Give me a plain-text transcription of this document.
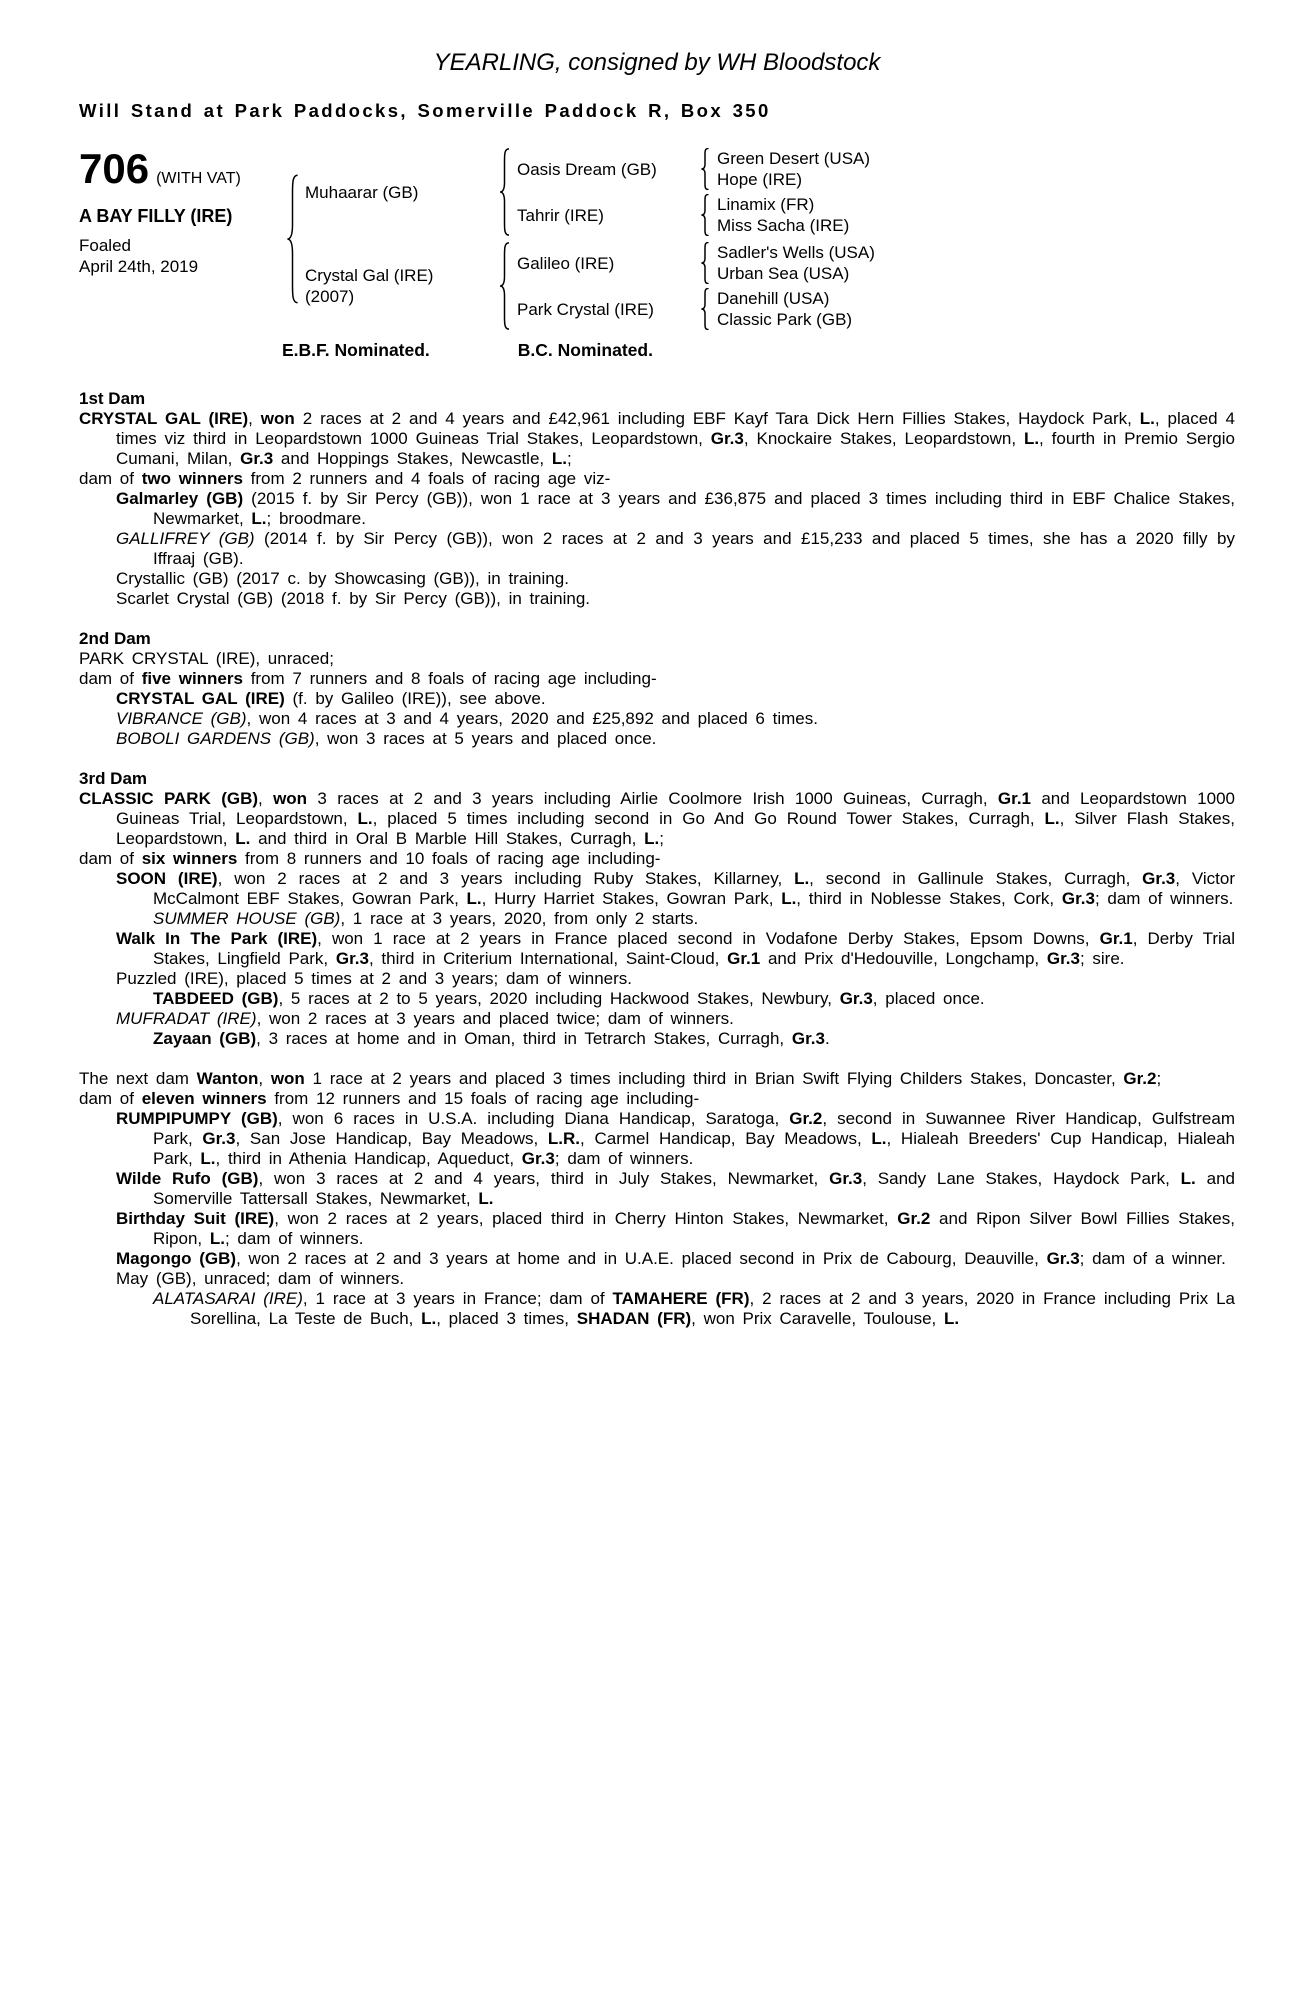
YEARLING, consigned by WH Bloodstock
Will Stand at Park Paddocks, Somerville Paddock R, Box 350
706 (WITH VAT)
A BAY FILLY (IRE)
Foaled
April 24th, 2019
Muhaarar (GB)
Oasis Dream (GB)
Green Desert (USA)
Hope (IRE)
Tahrir (IRE)
Linamix (FR)
Miss Sacha (IRE)
Crystal Gal (IRE)
(2007)
Galileo (IRE)
Sadler's Wells (USA)
Urban Sea (USA)
Park Crystal (IRE)
Danehill (USA)
Classic Park (GB)
E.B.F. Nominated.	B.C. Nominated.
1st Dam

CRYSTAL GAL (IRE), won 2 races at 2 and 4 years and £42,961 including EBF Kayf Tara Dick Hern Fillies Stakes, Haydock Park, L., placed 4 times viz third in Leopardstown 1000 Guineas Trial Stakes, Leopardstown, Gr.3, Knockaire Stakes, Leopardstown, L., fourth in Premio Sergio Cumani, Milan, Gr.3 and Hoppings Stakes, Newcastle, L.;

dam of two winners from 2 runners and 4 foals of racing age viz-

Galmarley (GB) (2015 f. by Sir Percy (GB)), won 1 race at 3 years and £36,875 and placed 3 times including third in EBF Chalice Stakes, Newmarket, L.; broodmare.

GALLIFREY (GB) (2014 f. by Sir Percy (GB)), won 2 races at 2 and 3 years and £15,233 and placed 5 times, she has a 2020 filly by Iffraaj (GB).

Crystallic (GB) (2017 c. by Showcasing (GB)), in training.

Scarlet Crystal (GB) (2018 f. by Sir Percy (GB)), in training.

2nd Dam

PARK CRYSTAL (IRE), unraced;

dam of five winners from 7 runners and 8 foals of racing age including-

CRYSTAL GAL (IRE) (f. by Galileo (IRE)), see above.

VIBRANCE (GB), won 4 races at 3 and 4 years, 2020 and £25,892 and placed 6 times.

BOBOLI GARDENS (GB), won 3 races at 5 years and placed once.

3rd Dam

CLASSIC PARK (GB), won 3 races at 2 and 3 years including Airlie Coolmore Irish 1000 Guineas, Curragh, Gr.1 and Leopardstown 1000 Guineas Trial, Leopardstown, L., placed 5 times including second in Go And Go Round Tower Stakes, Curragh, L., Silver Flash Stakes, Leopardstown, L. and third in Oral B Marble Hill Stakes, Curragh, L.;

dam of six winners from 8 runners and 10 foals of racing age including-

SOON (IRE), won 2 races at 2 and 3 years including Ruby Stakes, Killarney, L., second in Gallinule Stakes, Curragh, Gr.3, Victor McCalmont EBF Stakes, Gowran Park, L., Hurry Harriet Stakes, Gowran Park, L., third in Noblesse Stakes, Cork, Gr.3; dam of winners.

SUMMER HOUSE (GB), 1 race at 3 years, 2020, from only 2 starts.

Walk In The Park (IRE), won 1 race at 2 years in France placed second in Vodafone Derby Stakes, Epsom Downs, Gr.1, Derby Trial Stakes, Lingfield Park, Gr.3, third in Criterium International, Saint-Cloud, Gr.1 and Prix d'Hedouville, Longchamp, Gr.3; sire.

Puzzled (IRE), placed 5 times at 2 and 3 years; dam of winners.

TABDEED (GB), 5 races at 2 to 5 years, 2020 including Hackwood Stakes, Newbury, Gr.3, placed once.

MUFRADAT (IRE), won 2 races at 3 years and placed twice; dam of winners.

Zayaan (GB), 3 races at home and in Oman, third in Tetrarch Stakes, Curragh, Gr.3.

The next dam Wanton, won 1 race at 2 years and placed 3 times including third in Brian Swift Flying Childers Stakes, Doncaster, Gr.2;

dam of eleven winners from 12 runners and 15 foals of racing age including-

RUMPIPUMPY (GB), won 6 races in U.S.A. including Diana Handicap, Saratoga, Gr.2, second in Suwannee River Handicap, Gulfstream Park, Gr.3, San Jose Handicap, Bay Meadows, L.R., Carmel Handicap, Bay Meadows, L., Hialeah Breeders' Cup Handicap, Hialeah Park, L., third in Athenia Handicap, Aqueduct, Gr.3; dam of winners.

Wilde Rufo (GB), won 3 races at 2 and 4 years, third in July Stakes, Newmarket, Gr.3, Sandy Lane Stakes, Haydock Park, L. and Somerville Tattersall Stakes, Newmarket, L.

Birthday Suit (IRE), won 2 races at 2 years, placed third in Cherry Hinton Stakes, Newmarket, Gr.2 and Ripon Silver Bowl Fillies Stakes, Ripon, L.; dam of winners.

Magongo (GB), won 2 races at 2 and 3 years at home and in U.A.E. placed second in Prix de Cabourg, Deauville, Gr.3; dam of a winner.

May (GB), unraced; dam of winners.

ALATASARAI (IRE), 1 race at 3 years in France; dam of TAMAHERE (FR), 2 races at 2 and 3 years, 2020 in France including Prix La Sorellina, La Teste de Buch, L., placed 3 times, SHADAN (FR), won Prix Caravelle, Toulouse, L.
